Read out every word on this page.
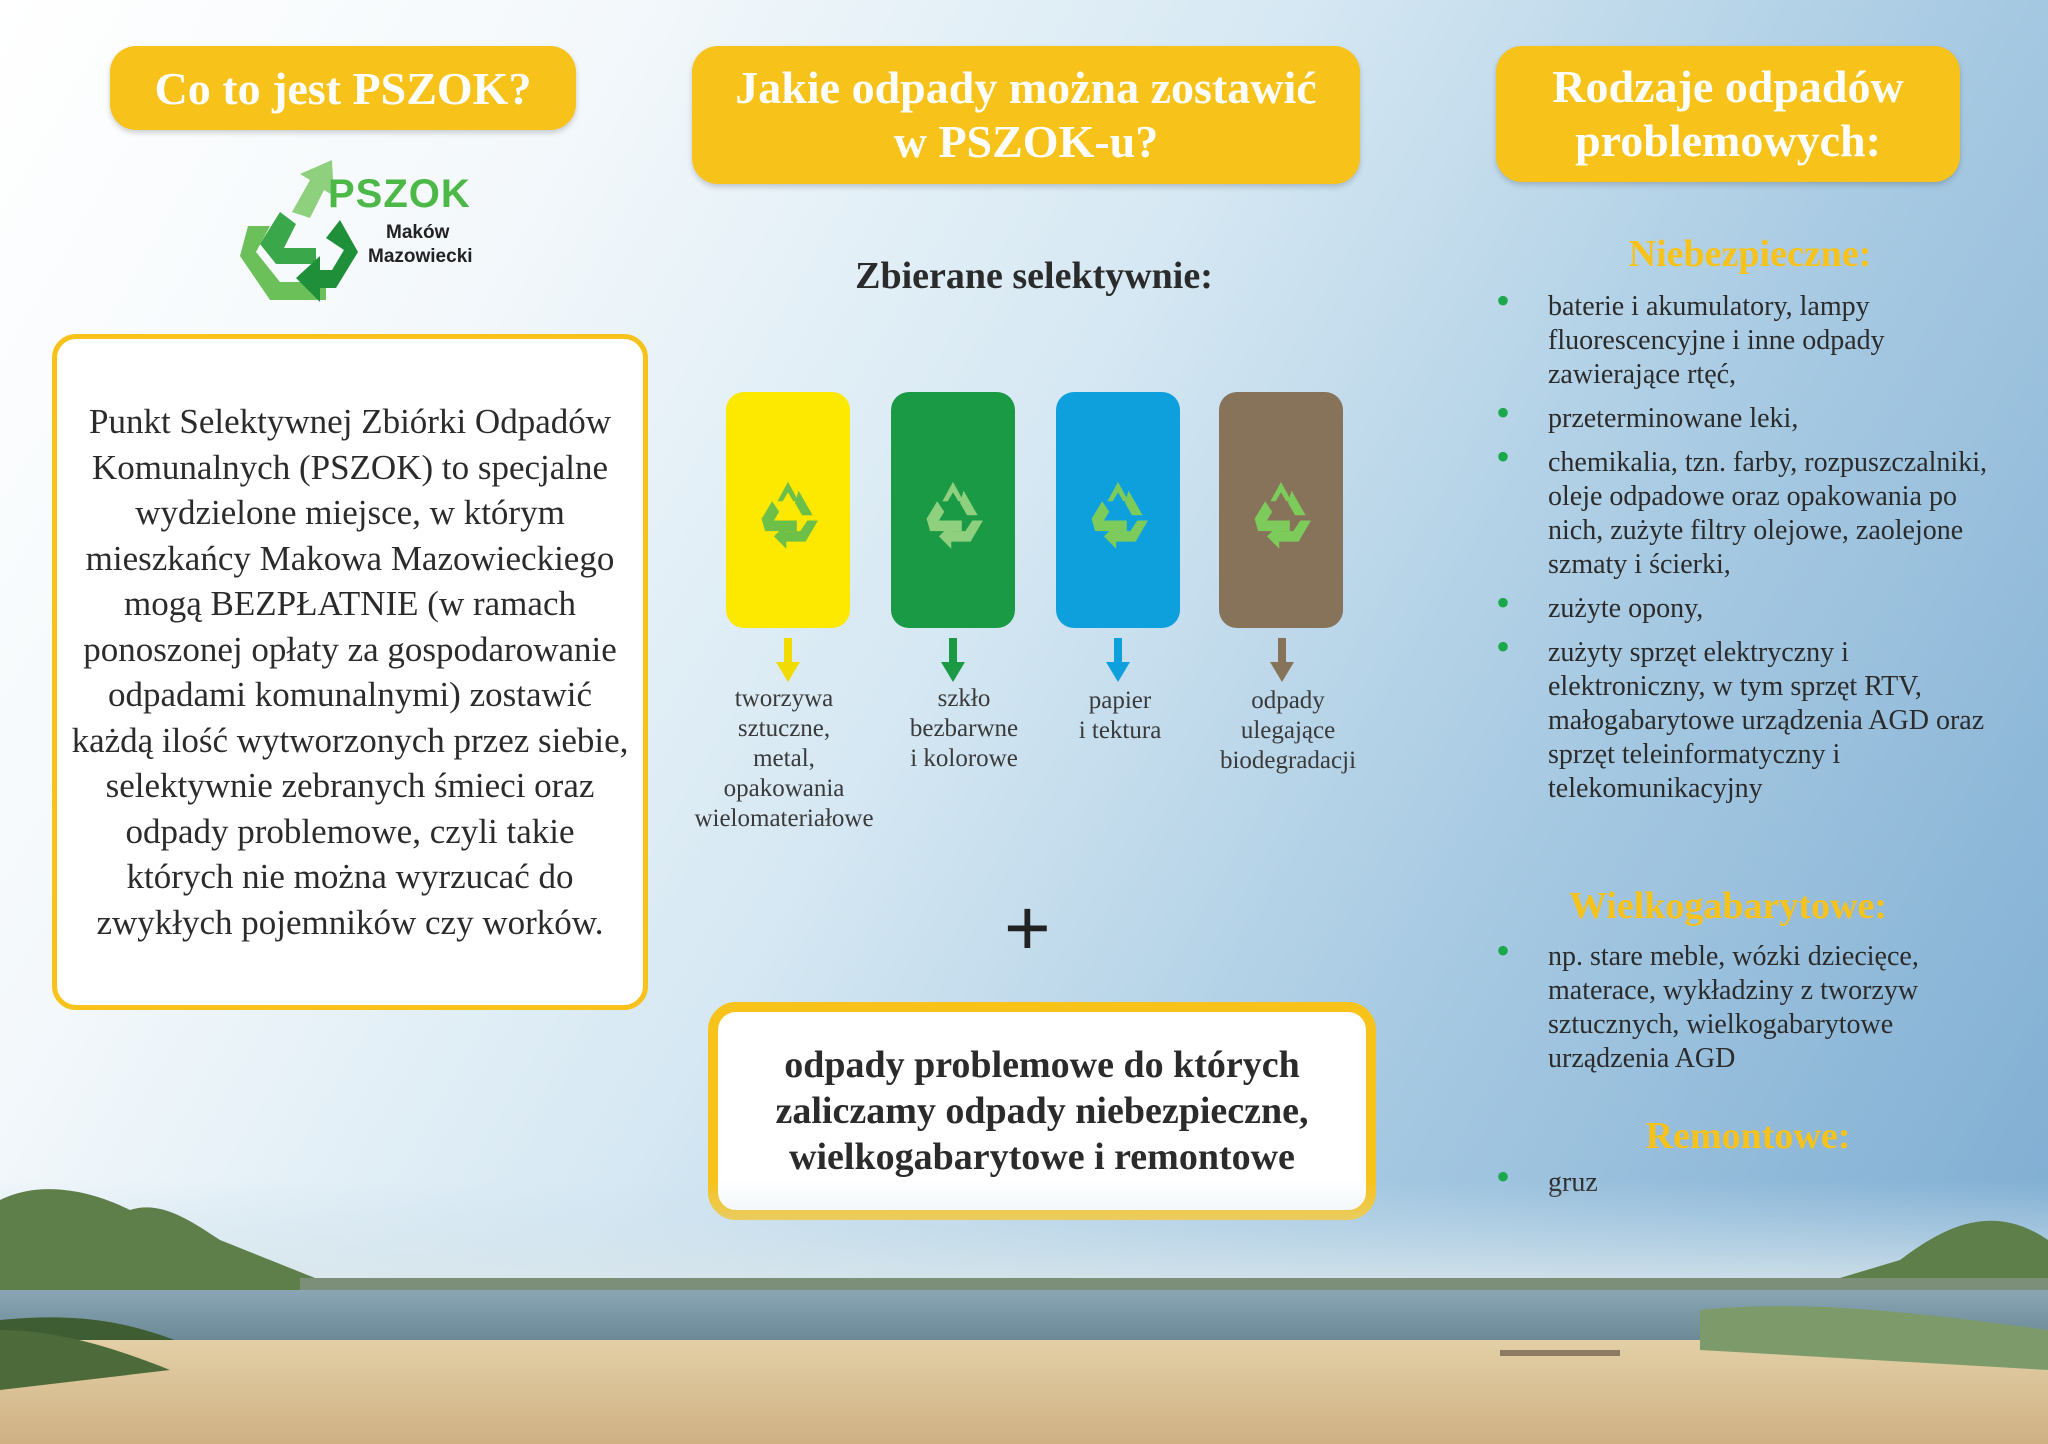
Co to jest PSZOK?	Jakie odpady można zostawić
w PSZOK-u?
Rodzaje odpadów
problemowych:
PSZOK
Maków
Mazowiecki
Punkt Selektywnej Zbiórki Odpadów Komunalnych (PSZOK) to specjalne wydzielone miejsce, w którym mieszkańcy Makowa Mazowieckiego mogą BEZPŁATNIE (w ramach ponoszonej opłaty za gospodarowanie odpadami komunalnymi) zostawić każdą ilość wytworzonych przez siebie, selektywnie zebranych śmieci oraz odpady problemowe, czyli takie których nie można wyrzucać do zwykłych pojemników czy worków.
Zbierane selektywnie:
tworzywa
sztuczne,
metal,
opakowania
wielomateriałowe
szkło
bezbarwne
i kolorowe
papier
i tektura
odpady
ulegające
biodegradacji
+
odpady problemowe do których
zaliczamy odpady niebezpieczne,
wielkogabarytowe i remontowe
Niebezpieczne:
• baterie i akumulatory, lampy fluorescencyjne i inne odpady zawierające rtęć,
• przeterminowane leki,
• chemikalia, tzn. farby, rozpuszczalniki, oleje odpadowe oraz opakowania po nich, zużyte filtry olejowe, zaolejone szmaty i ścierki,
• zużyte opony,
• zużyty sprzęt elektryczny i elektroniczny, w tym sprzęt RTV, małogabarytowe urządzenia AGD oraz sprzęt teleinformatyczny i telekomunikacyjny
Wielkogabarytowe:
• np. stare meble, wózki dziecięce, materace, wykładziny z tworzyw sztucznych, wielkogabarytowe urządzenia AGD
Remontowe:
•
